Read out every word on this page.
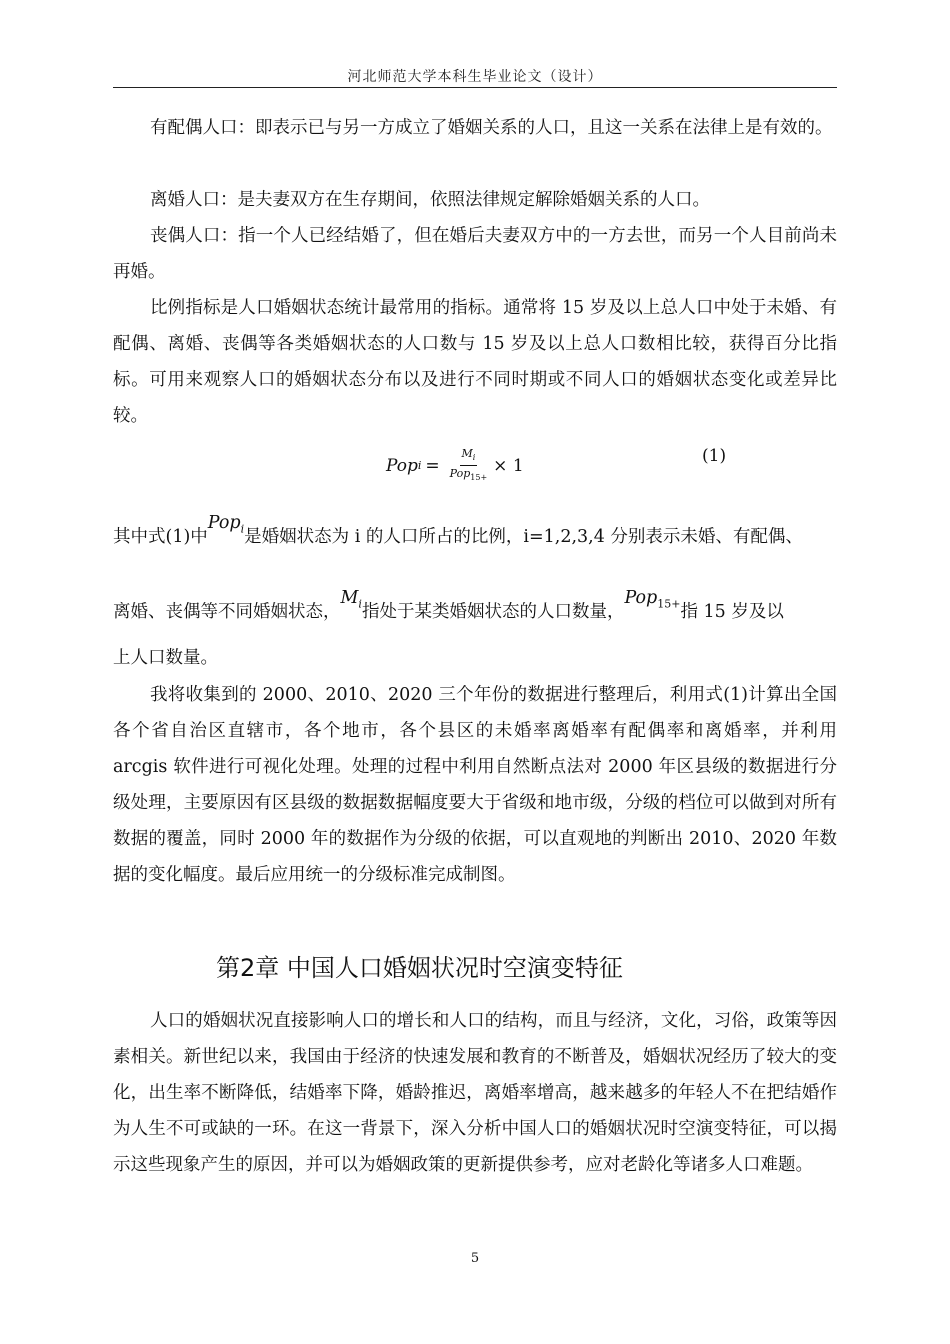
河北师范大学本科生毕业论文（设计）
有配偶人口：即表示已与另一方成立了婚姻关系的人口，且这一关系在法律上是有效的。
离婚人口：是夫妻双方在生存期间，依照法律规定解除婚姻关系的人口。
丧偶人口：指一个人已经结婚了，但在婚后夫妻双方中的一方去世，而另一个人目前尚未再婚。
比例指标是人口婚姻状态统计最常用的指标。通常将 15 岁及以上总人口中处于未婚、有配偶、离婚、丧偶等各类婚姻状态的人口数与 15 岁及以上总人口数相比较，获得百分比指标。可用来观察人口的婚姻状态分布以及进行不同时期或不同人口的婚姻状态变化或差异比较。
Pop $i = \frac{M_i}{Pop_{15+}} \times 1$	(1)
其中式(1)中Pop$_i$是婚姻状态为 i 的人口所占的比例，i=1,2,3,4 分别表示未婚、有配偶、
离婚、丧偶等不同婚姻状态，$M_i$指处于某类婚姻状态的人口数量，Pop$_{15+}$指 15 岁及以
上人口数量。
我将收集到的 2000、2010、2020 三个年份的数据进行整理后，利用式(1)计算出全国各个省自治区直辖市，各个地市，各个县区的未婚率离婚率有配偶率和离婚率，并利用 arcgis 软件进行可视化处理。处理的过程中利用自然断点法对 2000 年区县级的数据进行分级处理，主要原因有区县级的数据数据幅度要大于省级和地市级，分级的档位可以做到对所有数据的覆盖，同时 2000 年的数据作为分级的依据，可以直观地的判断出 2010、2020 年数据的变化幅度。最后应用统一的分级标准完成制图。
第2章 中国人口婚姻状况时空演变特征
人口的婚姻状况直接影响人口的增长和人口的结构，而且与经济，文化，习俗，政策等因素相关。新世纪以来，我国由于经济的快速发展和教育的不断普及，婚姻状况经历了较大的变化，出生率不断降低，结婚率下降，婚龄推迟，离婚率增高，越来越多的年轻人不在把结婚作为人生不可或缺的一环。在这一背景下，深入分析中国人口的婚姻状况时空演变特征，可以揭示这些现象产生的原因，并可以为婚姻政策的更新提供参考，应对老龄化等诸多人口难题。
5
